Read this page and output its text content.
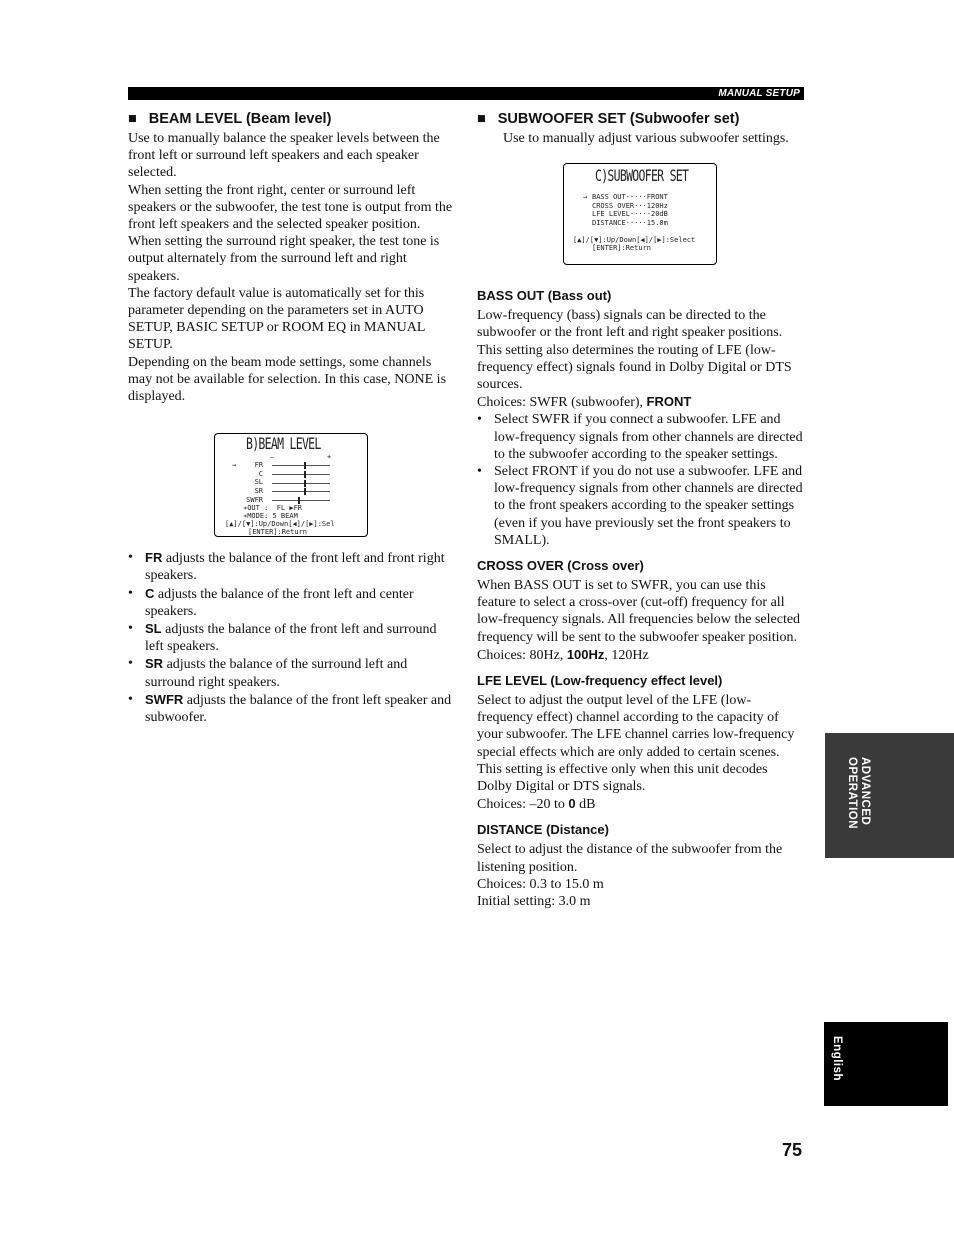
MANUAL SETUP
■ BEAM LEVEL (Beam level)

Use to manually balance the speaker levels between the front left or surround left speakers and each speaker selected.

When setting the front right, center or surround left speakers or the subwoofer, the test tone is output from the front left speakers and the selected speaker position.

When setting the surround right speaker, the test tone is output alternately from the surround left and right speakers.

The factory default value is automatically set for this parameter depending on the parameters set in AUTO SETUP, BASIC SETUP or ROOM EQ in MANUAL SETUP.

Depending on the beam mode settings, some channels may not be available for selection. In this case, NONE is displayed.

B)BEAM LEVEL
–	+
→	FR
C
SL
SR
SWFR
∗OUT :  FL ▶FR
∗MODE: 5 BEAM
[▲]/[▼]:Up/Down[◀]/[▶]:Sel
[ENTER]:Return
• FR adjusts the balance of the front left and front right speakers.
• C adjusts the balance of the front left and center speakers.
• SL adjusts the balance of the front left and surround left speakers.
• SR adjusts the balance of the surround left and surround right speakers.
• SWFR adjusts the balance of the front left speaker and subwoofer.
■ SUBWOOFER SET (Subwoofer set)

Use to manually adjust various subwoofer settings.

C)SUBWOOFER SET
→ BASS OUT·····FRONT
CROSS OVER···120Hz
LFE LEVEL····-20dB
DISTANCE·····15.0m
[▲]/[▼]:Up/Down[◀]/[▶]:Select
[ENTER]:Return
BASS OUT (Bass out)

Low-frequency (bass) signals can be directed to the subwoofer or the front left and right speaker positions. This setting also determines the routing of LFE (low-frequency effect) signals found in Dolby Digital or DTS sources.

Choices: SWFR (subwoofer), FRONT

• Select SWFR if you connect a subwoofer. LFE and low-frequency signals from other channels are directed to the subwoofer according to the speaker settings.
• Select FRONT if you do not use a subwoofer. LFE and low-frequency signals from other channels are directed to the front speakers according to the speaker settings (even if you have previously set the front speakers to SMALL).
CROSS OVER (Cross over)

When BASS OUT is set to SWFR, you can use this feature to select a cross-over (cut-off) frequency for all low-frequency signals. All frequencies below the selected frequency will be sent to the subwoofer speaker position.

Choices: 80Hz, 100Hz, 120Hz

LFE LEVEL (Low-frequency effect level)

Select to adjust the output level of the LFE (low-frequency effect) channel according to the capacity of your subwoofer. The LFE channel carries low-frequency special effects which are only added to certain scenes. This setting is effective only when this unit decodes Dolby Digital or DTS signals.

Choices: –20 to 0 dB

DISTANCE (Distance)

Select to adjust the distance of the subwoofer from the listening position.

Choices: 0.3 to 15.0 m

Initial setting: 3.0 m

ADVANCED
OPERATION
English
75
